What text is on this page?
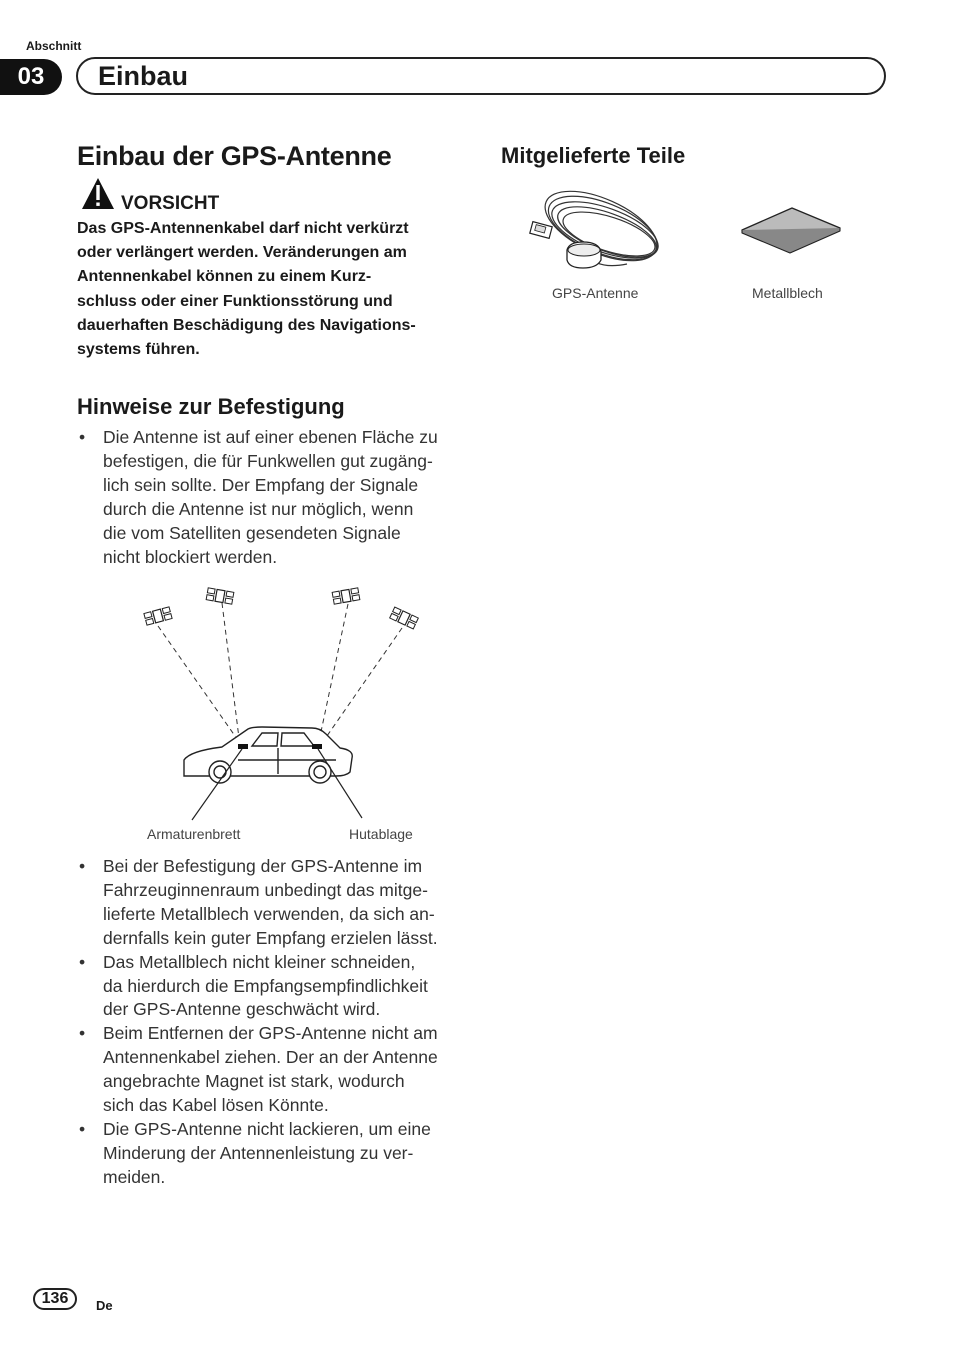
Abschnitt
03	Einbau
Einbau der GPS-Antenne
VORSICHT
Das GPS-Antennenkabel darf nicht verkürzt
oder verlängert werden. Veränderungen am
Antennenkabel können zu einem Kurz-
schluss oder einer Funktionsstörung und
dauerhaften Beschädigung des Navigations-
systems führen.
Hinweise zur Befestigung
• Die Antenne ist auf einer ebenen Fläche zu
befestigen, die für Funkwellen gut zugäng-
lich sein sollte. Der Empfang der Signale
durch die Antenne ist nur möglich, wenn
die vom Satelliten gesendeten Signale
nicht blockiert werden.
Armaturenbrett	Hutablage
• Bei der Befestigung der GPS-Antenne im
Fahrzeuginnenraum unbedingt das mitge-
lieferte Metallblech verwenden, da sich an-
dernfalls kein guter Empfang erzielen lässt.
• Das Metallblech nicht kleiner schneiden,
da hierdurch die Empfangsempfindlichkeit
der GPS-Antenne geschwächt wird.
• Beim Entfernen der GPS-Antenne nicht am
Antennenkabel ziehen. Der an der Antenne
angebrachte Magnet ist stark, wodurch
sich das Kabel lösen Könnte.
• Die GPS-Antenne nicht lackieren, um eine
Minderung der Antennenleistung zu ver-
meiden.
Mitgelieferte Teile
GPS-Antenne	Metallblech
136	De
